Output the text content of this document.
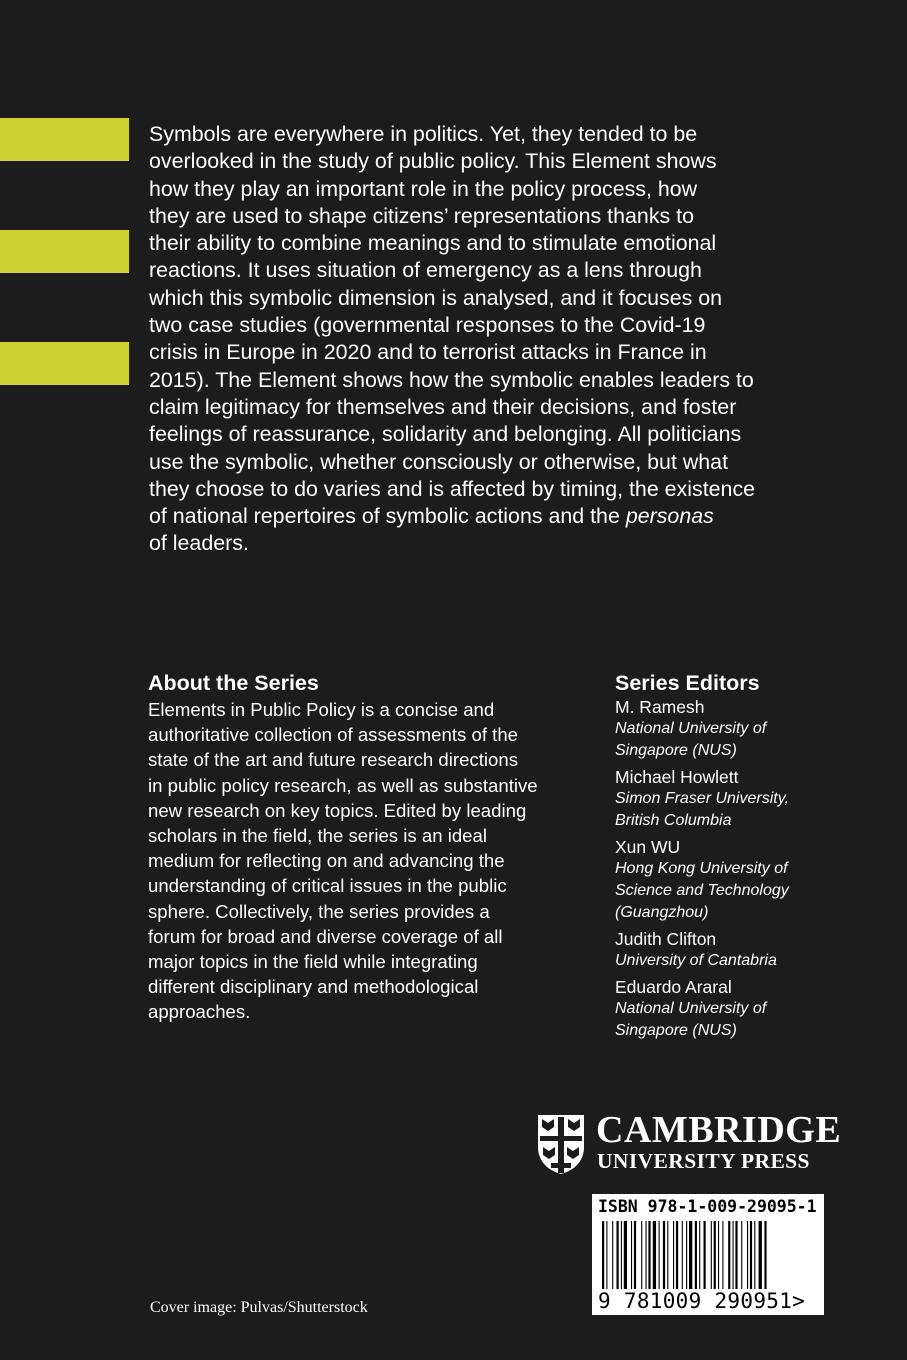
Symbols are everywhere in politics. Yet, they tended to be
overlooked in the study of public policy. This Element shows
how they play an important role in the policy process, how
they are used to shape citizens’ representations thanks to
their ability to combine meanings and to stimulate emotional
reactions. It uses situation of emergency as a lens through
which this symbolic dimension is analysed, and it focuses on
two case studies (governmental responses to the Covid-19
crisis in Europe in 2020 and to terrorist attacks in France in
2015). The Element shows how the symbolic enables leaders to
claim legitimacy for themselves and their decisions, and foster
feelings of reassurance, solidarity and belonging. All politicians
use the symbolic, whether consciously or otherwise, but what
they choose to do varies and is affected by timing, the existence
of national repertoires of symbolic actions and the personas
of leaders.

About the Series

Elements in Public Policy is a concise and
authoritative collection of assessments of the
state of the art and future research directions
in public policy research, as well as substantive
new research on key topics. Edited by leading
scholars in the field, the series is an ideal
medium for reflecting on and advancing the
understanding of critical issues in the public
sphere. Collectively, the series provides a
forum for broad and diverse coverage of all
major topics in the field while integrating
different disciplinary and methodological
approaches.

Series Editors
M. Ramesh
National University of
Singapore (NUS)
Michael Howlett
Simon Fraser University,
British Columbia
Xun WU
Hong Kong University of
Science and Technology
(Guangzhou)
Judith Clifton
University of Cantabria
Eduardo Araral
National University of
Singapore (NUS)

CAMBRIDGE

UNIVERSITY PRESS

ISBN 978-1-009-29095-1

9 781009 290951>

Cover image: Pulvas/Shutterstock
